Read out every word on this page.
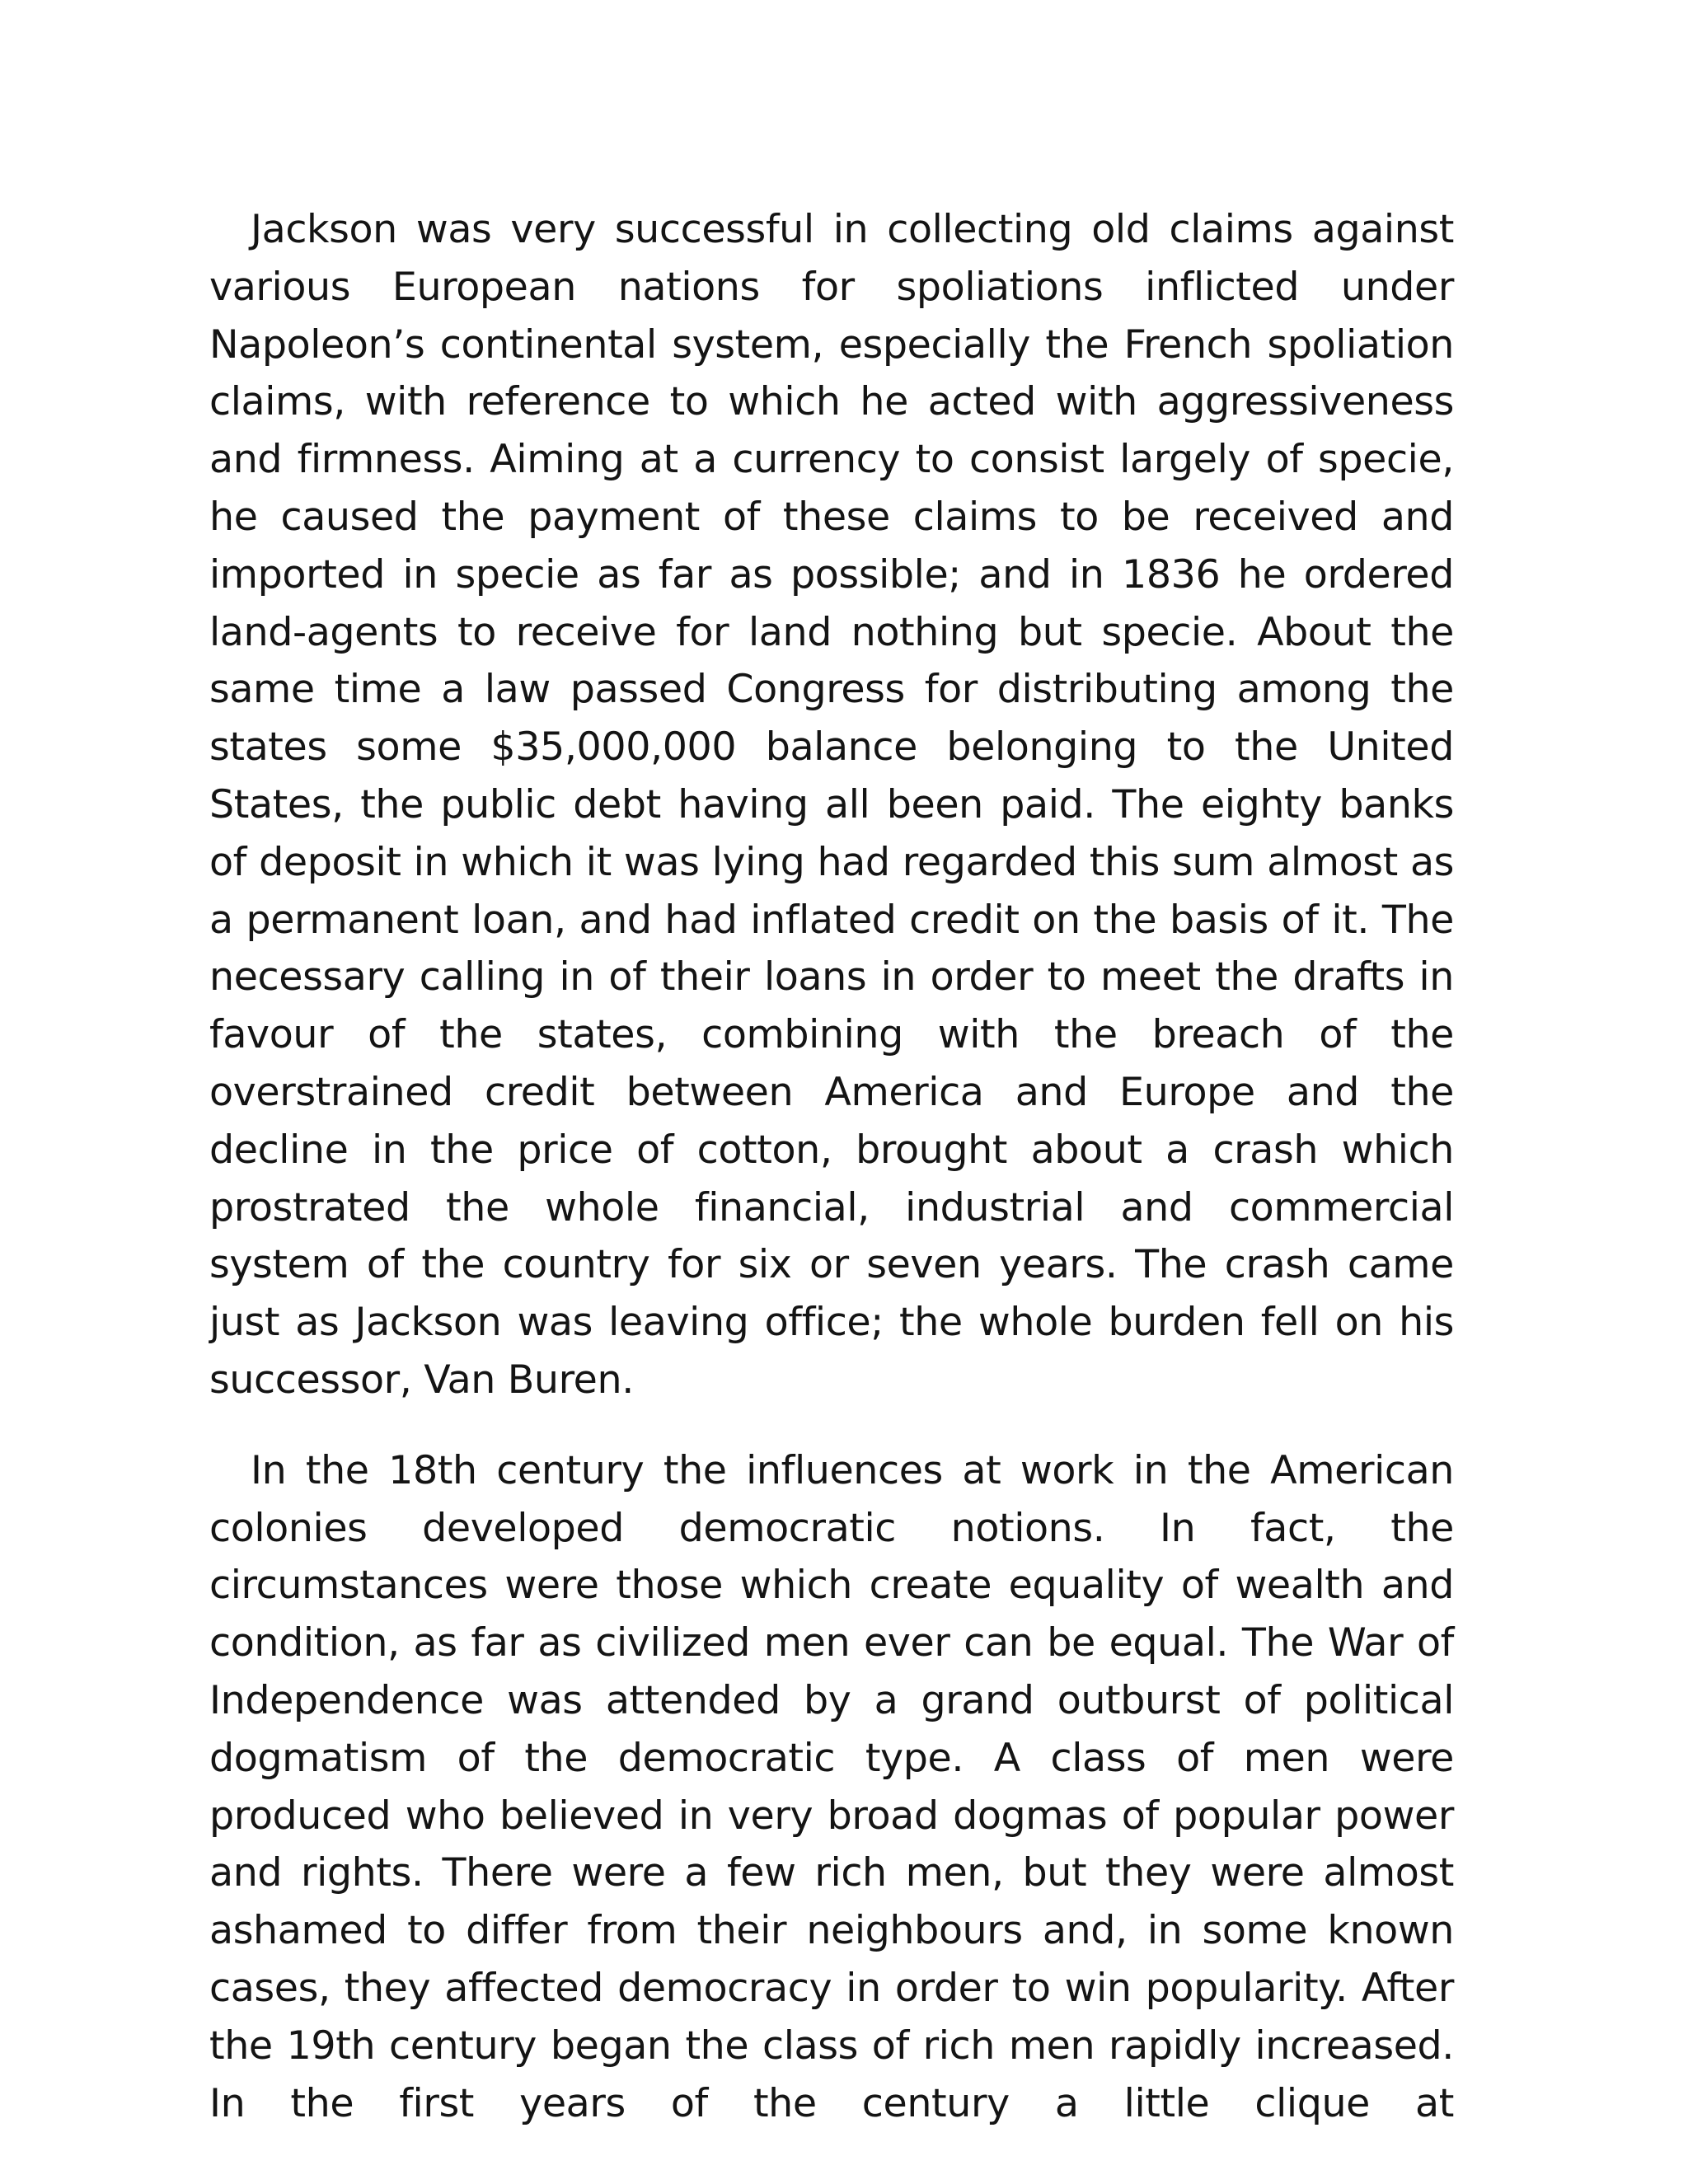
Jackson was very successful in collecting old claims against various European nations for spoliations inflicted under Napoleon’s continental system, especially the French spoliation claims, with reference to which he acted with aggressiveness and firmness. Aiming at a currency to consist largely of specie, he caused the payment of these claims to be received and imported in specie as far as possible; and in 1836 he ordered land-agents to receive for land nothing but specie. About the same time a law passed Congress for distributing among the states some $35,000,000 balance belonging to the United States, the public debt having all been paid. The eighty banks of deposit in which it was lying had regarded this sum almost as a permanent loan, and had inflated credit on the basis of it. The necessary calling in of their loans in order to meet the drafts in favour of the states, combining with the breach of the overstrained credit between America and Europe and the decline in the price of cotton, brought about a crash which prostrated the whole financial, industrial and commercial system of the country for six or seven years. The crash came just as Jackson was leaving office; the whole burden fell on his successor, Van Buren.

In the 18th century the influences at work in the American colonies developed democratic notions. In fact, the circumstances were those which create equality of wealth and condition, as far as civilized men ever can be equal. The War of Independence was attended by a grand outburst of political dogmatism of the democratic type. A class of men were produced who believed in very broad dogmas of popular power and rights. There were a few rich men, but they were almost ashamed to differ from their neighbours and, in some known cases, they affected democracy in order to win popularity. After the 19th century began the class of rich men rapidly increased. In the first years of the century a little clique at
